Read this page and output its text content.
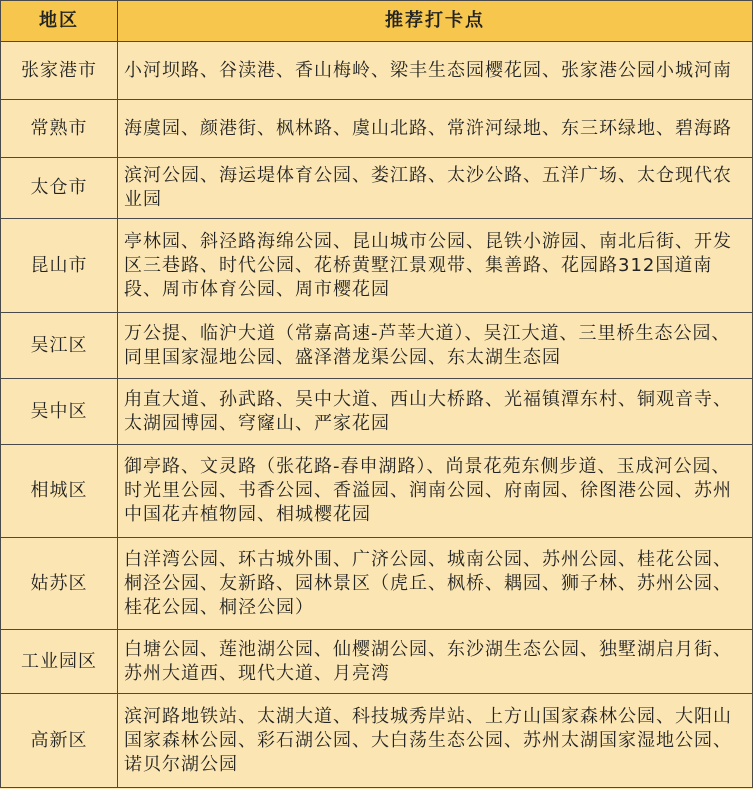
地区	推荐打卡点
张家港市	小河坝路、谷渎港、香山梅岭、梁丰生态园樱花园、张家港公园小城河南
常熟市	海虞园、颜港街、枫林路、虞山北路、常浒河绿地、东三环绿地、碧海路
太仓市	滨河公园、海运堤体育公园、娄江路、太沙公路、五洋广场、太仓现代农业园
昆山市	亭林园、斜泾路海绵公园、昆山城市公园、昆铁小游园、南北后街、开发区三巷路、时代公园、花桥黄墅江景观带、集善路、花园路312国道南段、周市体育公园、周市樱花园
吴江区	万公提、临沪大道（常嘉高速-芦莘大道）、吴江大道、三里桥生态公园、同里国家湿地公园、盛泽潜龙渠公园、东太湖生态园
吴中区	甪直大道、孙武路、吴中大道、西山大桥路、光福镇潭东村、铜观音寺、太湖园博园、穹窿山、严家花园
相城区	御亭路、文灵路（张花路-春申湖路）、尚景花苑东侧步道、玉成河公园、时光里公园、书香公园、香溢园、润南公园、府南园、徐图港公园、苏州中国花卉植物园、相城樱花园
姑苏区	白洋湾公园、环古城外围、广济公园、城南公园、苏州公园、桂花公园、桐泾公园、友新路、园林景区（虎丘、枫桥、耦园、狮子林、苏州公园、桂花公园、桐泾公园）
工业园区	白塘公园、莲池湖公园、仙樱湖公园、东沙湖生态公园、独墅湖启月街、苏州大道西、现代大道、月亮湾
高新区	滨河路地铁站、太湖大道、科技城秀岸站、上方山国家森林公园、大阳山国家森林公园、彩石湖公园、大白荡生态公园、苏州太湖国家湿地公园、诺贝尔湖公园
